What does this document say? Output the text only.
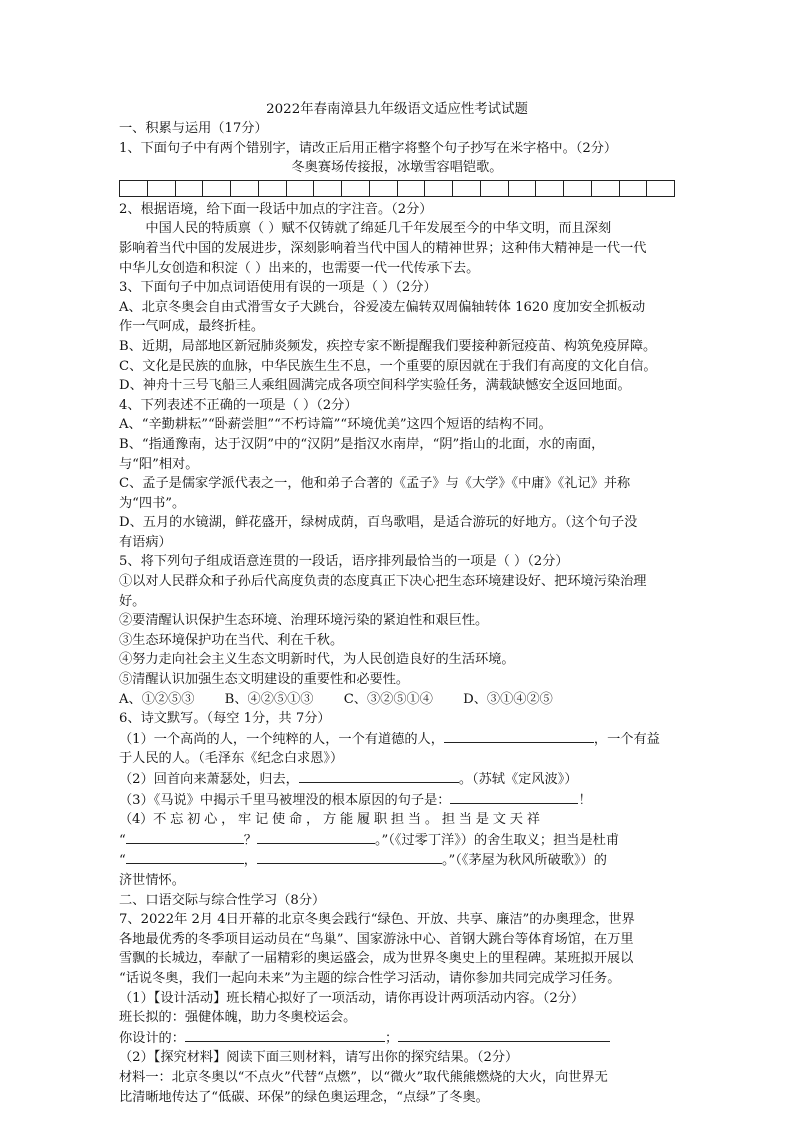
2022年春南漳县九年级语文适应性考试试题
一、积累与运用（17分）
1、下面句子中有两个错别字，请改正后用正楷字将整个句子抄写在米字格中。（2分）
冬奥赛场传接报，冰墩雪容唱铠歌。
2、根据语境，给下面一段话中加点的字注音。（2分）
中国人民的特质禀（ ）赋不仅铸就了绵延几千年发展至今的中华文明，而且深刻
影响着当代中国的发展进步，深刻影响着当代中国人的精神世界；这种伟大精神是一代一代
中华儿女创造和积淀（ ）出来的，也需要一代一代传承下去。
3、下面句子中加点词语使用有误的一项是（ ）（2分）
A、北京冬奥会自由式滑雪女子大跳台，谷爱凌左偏转双周偏轴转体 1620 度加安全抓板动
作一气呵成，最终折桂。
B、近期，局部地区新冠肺炎频发，疾控专家不断提醒我们要接种新冠疫苗、构筑免疫屏障。
C、文化是民族的血脉，中华民族生生不息，一个重要的原因就在于我们有高度的文化自信。
D、神舟十三号飞船三人乘组圆满完成各项空间科学实验任务，满载缺憾安全返回地面。
4、下列表述不正确的一项是（ ）（2分）
A、“辛勤耕耘”“卧薪尝胆”“不朽诗篇”“环境优美”这四个短语的结构不同。
B、“指通豫南，达于汉阴”中的“汉阴”是指汉水南岸，“阴”指山的北面，水的南面，
与“阳”相对。
C、孟子是儒家学派代表之一，他和弟子合著的《孟子》与《大学》《中庸》《礼记》并称
为“四书”。
D、五月的水镜湖，鲜花盛开，绿树成荫，百鸟歌唱，是适合游玩的好地方。（这个句子没
有语病）
5、将下列句子组成语意连贯的一段话，语序排列最恰当的一项是（ ）（2分）
①以对人民群众和子孙后代高度负责的态度真正下决心把生态环境建设好、把环境污染治理
好。
②要清醒认识保护生态环境、治理环境污染的紧迫性和艰巨性。
③生态环境保护功在当代、利在千秋。
④努力走向社会主义生态文明新时代，为人民创造良好的生活环境。
⑤清醒认识加强生态文明建设的重要性和必要性。
A、①②⑤③ B、④②⑤①③ C、③②⑤①④ D、③①④②⑤
6、诗文默写。（每空 1分，共 7分）
（1）一个高尚的人，一个纯粹的人，一个有道德的人，	，一个有益
于人民的人。（毛泽东《纪念白求恩》）
（2）回首向来萧瑟处，归去，	。（苏轼《定风波》）
（3）《马说》中揭示千里马被埋没的根本原因的句子是：	！
（4）不 忘 初 心 ， 牢 记 使 命 ， 方 能 履 职 担 当 。 担 当 是 文 天 祥
“	？	。”（《过零丁洋》）的舍生取义；担当是杜甫
“	，	。”（《茅屋为秋风所破歌》）的
济世情怀。
二、口语交际与综合性学习（8分）
7、2022年 2月 4日开幕的北京冬奥会践行“绿色、开放、共享、廉洁”的办奥理念，世界
各地最优秀的冬季项目运动员在“鸟巢”、国家游泳中心、首钢大跳台等体育场馆，在万里
雪飘的长城边，奉献了一届精彩的奥运盛会，成为世界冬奥史上的里程碑。某班拟开展以
“话说冬奥，我们一起向未来”为主题的综合性学习活动，请你参加共同完成学习任务。
（1）【设计活动】班长精心拟好了一项活动，请你再设计两项活动内容。（2分）
班长拟的：强健体魄，助力冬奥校运会。
你设计的：	；
（2）【探究材料】阅读下面三则材料，请写出你的探究结果。（2分）
材料一：北京冬奥以“不点火”代替“点燃”，以“微火”取代熊熊燃烧的大火，向世界无
比清晰地传达了“低碳、环保”的绿色奥运理念，“点绿”了冬奥。
